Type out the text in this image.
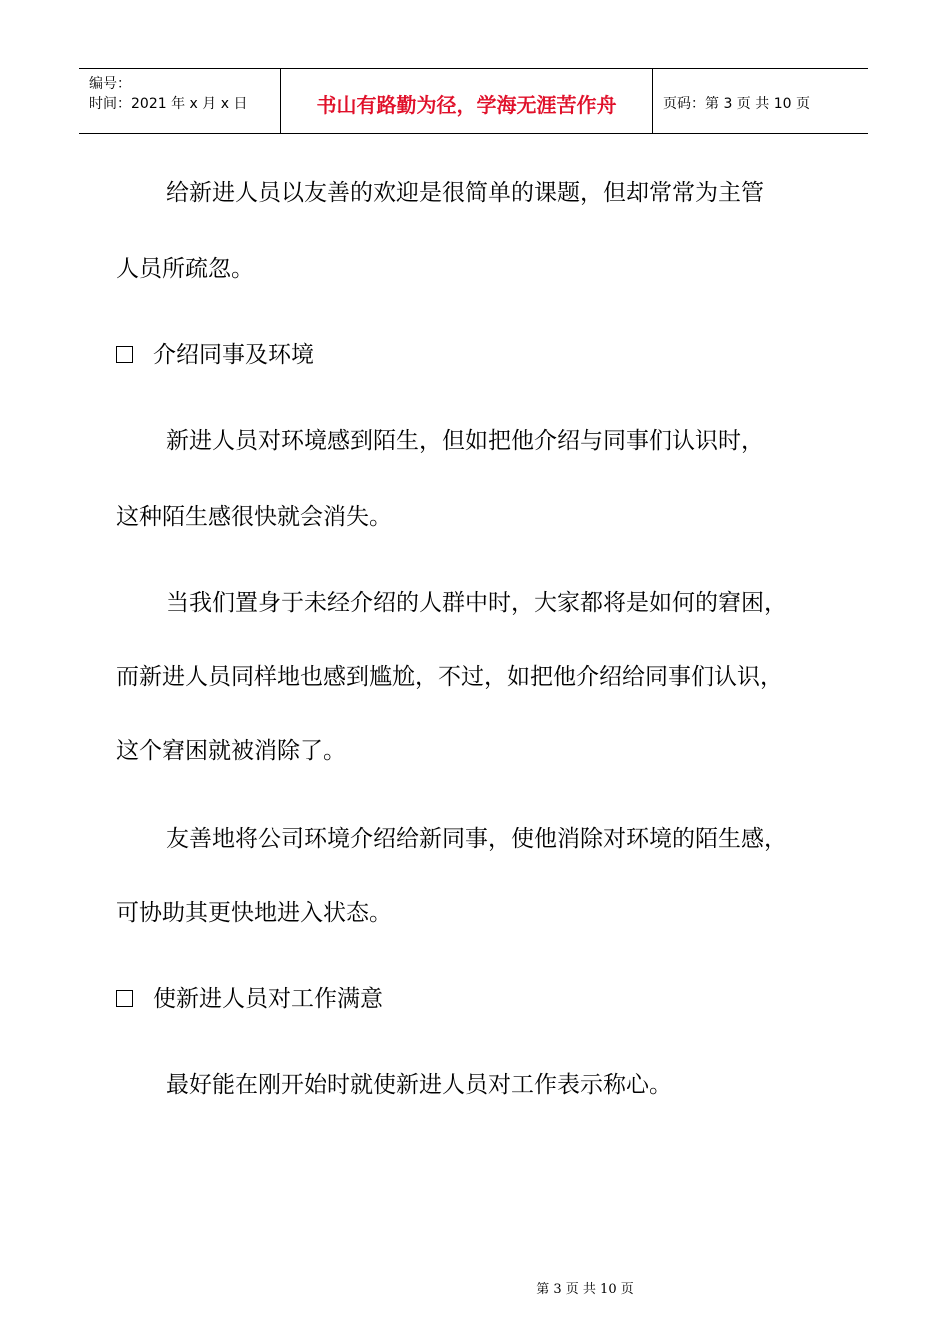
编号：
时间：2021 年 x 月 x 日	书山有路勤为径，学海无涯苦作舟	页码：第 3 页 共 10 页
给新进人员以友善的欢迎是很简单的课题，但却常常为主管
人员所疏忽。
介绍同事及环境
新进人员对环境感到陌生，但如把他介绍与同事们认识时，
这种陌生感很快就会消失。
当我们置身于未经介绍的人群中时，大家都将是如何的窘困，
而新进人员同样地也感到尴尬，不过，如把他介绍给同事们认识，
这个窘困就被消除了。
友善地将公司环境介绍给新同事，使他消除对环境的陌生感，
可协助其更快地进入状态。
使新进人员对工作满意
最好能在刚开始时就使新进人员对工作表示称心。
第 3 页 共 10 页
